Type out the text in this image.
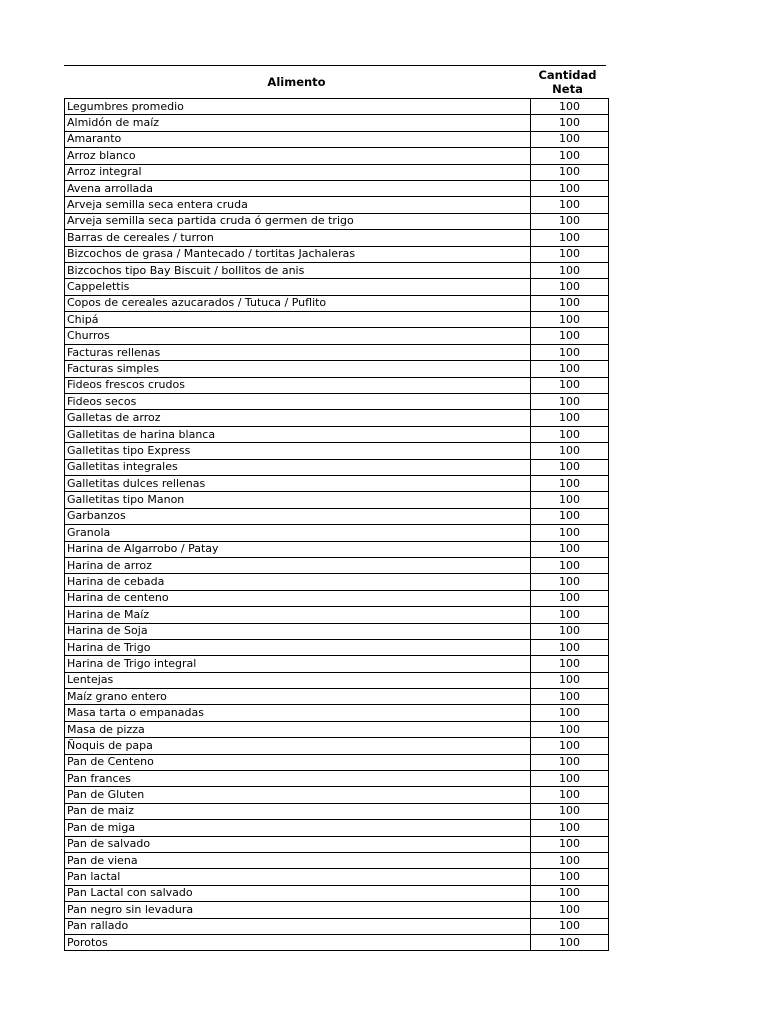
Alimento	Cantidad
Neta
Legumbres promedio	100
Almidón de maíz	100
Amaranto	100
Arroz blanco	100
Arroz integral	100
Avena arrollada	100
Arveja semilla seca entera cruda	100
Arveja semilla seca partida cruda ó germen de trigo	100
Barras de cereales / turron	100
Bizcochos de grasa / Mantecado / tortitas Jachaleras	100
Bizcochos tipo Bay Biscuit / bollitos de anis	100
Cappelettis	100
Copos de cereales azucarados / Tutuca / Puflito	100
Chipá	100
Churros	100
Facturas rellenas	100
Facturas simples	100
Fideos frescos crudos	100
Fideos secos	100
Galletas de arroz	100
Galletitas de harina blanca	100
Galletitas tipo Express	100
Galletitas integrales	100
Galletitas dulces rellenas	100
Galletitas tipo Manon	100
Garbanzos	100
Granola	100
Harina de Algarrobo / Patay	100
Harina de arroz	100
Harina de cebada	100
Harina de centeno	100
Harina de Maíz	100
Harina de Soja	100
Harina de Trigo	100
Harina de Trigo integral	100
Lentejas	100
Maíz grano entero	100
Masa tarta o empanadas	100
Masa de pizza	100
Ñoquis de papa	100
Pan de Centeno	100
Pan frances	100
Pan de Gluten	100
Pan de maiz	100
Pan de miga	100
Pan de salvado	100
Pan de viena	100
Pan lactal	100
Pan Lactal con salvado	100
Pan negro sin levadura	100
Pan rallado	100
Porotos	100
